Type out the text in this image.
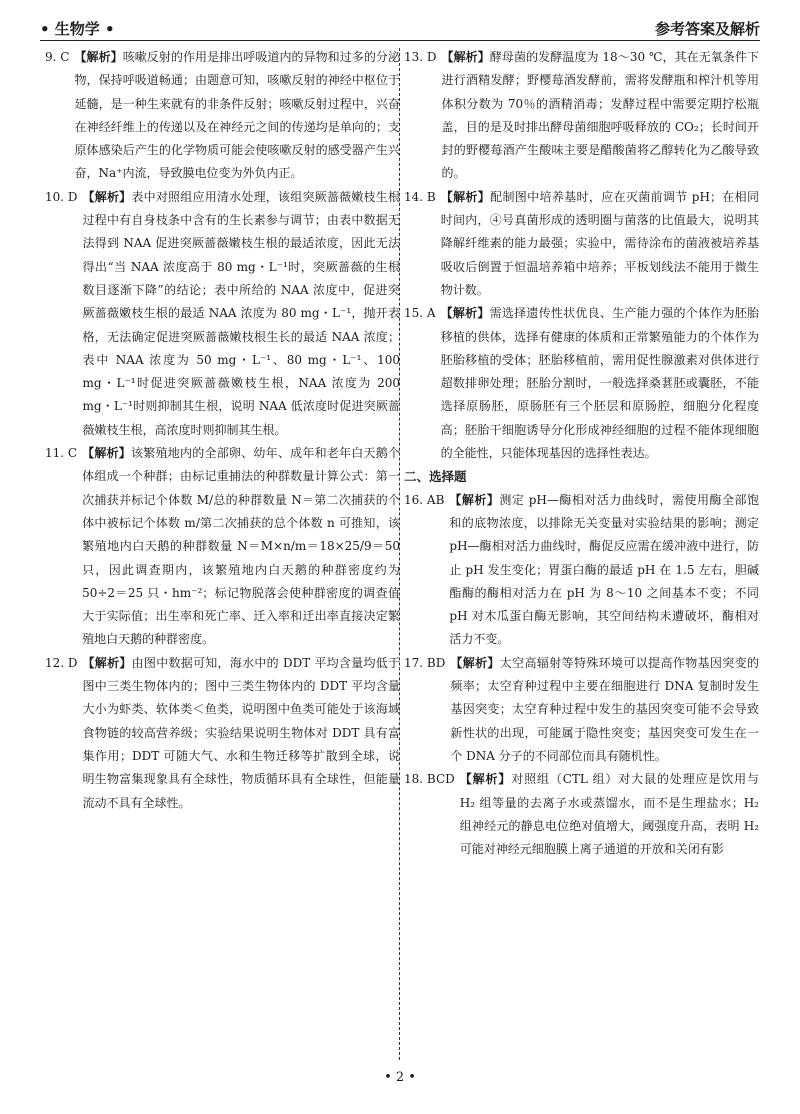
• 生物学 •	参考答案及解析
9. C 【解析】咳嗽反射的作用是排出呼吸道内的异物和过多的分泌物，保持呼吸道畅通；由题意可知，咳嗽反射的神经中枢位于延髓，是一种生来就有的非条件反射；咳嗽反射过程中，兴奋在神经纤维上的传递以及在神经元之间的传递均是单向的；支原体感染后产生的化学物质可能会使咳嗽反射的感受器产生兴奋，Na⁺内流，导致膜电位变为外负内正。
10. D 【解析】表中对照组应用清水处理，该组突厥蔷薇嫩枝生根过程中有自身枝条中含有的生长素参与调节；由表中数据无法得到 NAA 促进突厥蔷薇嫩枝生根的最适浓度，因此无法得出“当 NAA 浓度高于 80 mg・L⁻¹时，突厥蔷薇的生根数目逐渐下降”的结论；表中所给的 NAA 浓度中，促进突厥蔷薇嫩枝生根的最适 NAA 浓度为 80 mg・L⁻¹，抛开表格，无法确定促进突厥蔷薇嫩枝根生长的最适 NAA 浓度；表中 NAA 浓度为 50 mg・L⁻¹、80 mg・L⁻¹、100 mg・L⁻¹时促进突厥蔷薇嫩枝生根，NAA 浓度为 200 mg・L⁻¹时则抑制其生根，说明 NAA 低浓度时促进突厥蔷薇嫩枝生根，高浓度时则抑制其生根。
11. C 【解析】该繁殖地内的全部卵、幼年、成年和老年白天鹅个体组成一个种群；由标记重捕法的种群数量计算公式：第一次捕获并标记个体数 M/总的种群数量 N＝第二次捕获的个体中被标记个体数 m/第二次捕获的总个体数 n 可推知，该繁殖地内白天鹅的种群数量 N＝M×n/m＝18×25/9＝50 只，因此调查期内，该繁殖地内白天鹅的种群密度约为 50÷2＝25 只・hm⁻²；标记物脱落会使种群密度的调查值大于实际值；出生率和死亡率、迁入率和迁出率直接决定繁殖地白天鹅的种群密度。
12. D 【解析】由图中数据可知，海水中的 DDT 平均含量均低于图中三类生物体内的；图中三类生物体内的 DDT 平均含量大小为虾类、软体类＜鱼类，说明图中鱼类可能处于该海域食物链的较高营养级；实验结果说明生物体对 DDT 具有富集作用；DDT 可随大气、水和生物迁移等扩散到全球，说明生物富集现象具有全球性，物质循环具有全球性，但能量流动不具有全球性。
13. D 【解析】酵母菌的发酵温度为 18～30 ℃，其在无氧条件下进行酒精发酵；野樱莓酒发酵前，需将发酵瓶和榨汁机等用体积分数为 70％的酒精消毒；发酵过程中需要定期拧松瓶盖，目的是及时排出酵母菌细胞呼吸释放的 CO₂；长时间开封的野樱莓酒产生酸味主要是醋酸菌将乙醇转化为乙酸导致的。
14. B 【解析】配制图中培养基时，应在灭菌前调节 pH；在相同时间内，④号真菌形成的透明圈与菌落的比值最大，说明其降解纤维素的能力最强；实验中，需待涂布的菌液被培养基吸收后倒置于恒温培养箱中培养；平板划线法不能用于微生物计数。
15. A 【解析】需选择遗传性状优良、生产能力强的个体作为胚胎移植的供体，选择有健康的体质和正常繁殖能力的个体作为胚胎移植的受体；胚胎移植前，需用促性腺激素对供体进行超数排卵处理；胚胎分割时，一般选择桑葚胚或囊胚，不能选择原肠胚，原肠胚有三个胚层和原肠腔，细胞分化程度高；胚胎干细胞诱导分化形成神经细胞的过程不能体现细胞的全能性，只能体现基因的选择性表达。
二、选择题
16. AB 【解析】测定 pH—酶相对活力曲线时，需使用酶全部饱和的底物浓度，以排除无关变量对实验结果的影响；测定 pH—酶相对活力曲线时，酶促反应需在缓冲液中进行，防止 pH 发生变化；胃蛋白酶的最适 pH 在 1.5 左右，胆碱酯酶的酶相对活力在 pH 为 8～10 之间基本不变；不同 pH 对木瓜蛋白酶无影响，其空间结构未遭破坏，酶相对活力不变。
17. BD 【解析】太空高辐射等特殊环境可以提高作物基因突变的频率；太空育种过程中主要在细胞进行 DNA 复制时发生基因突变；太空育种过程中发生的基因突变可能不会导致新性状的出现，可能属于隐性突变；基因突变可发生在一个 DNA 分子的不同部位而具有随机性。
18. BCD 【解析】对照组（CTL 组）对大鼠的处理应是饮用与 H₂ 组等量的去离子水或蒸馏水，而不是生理盐水；H₂ 组神经元的静息电位绝对值增大，阈强度升高，表明 H₂ 可能对神经元细胞膜上离子通道的开放和关闭有影
• 2 •
